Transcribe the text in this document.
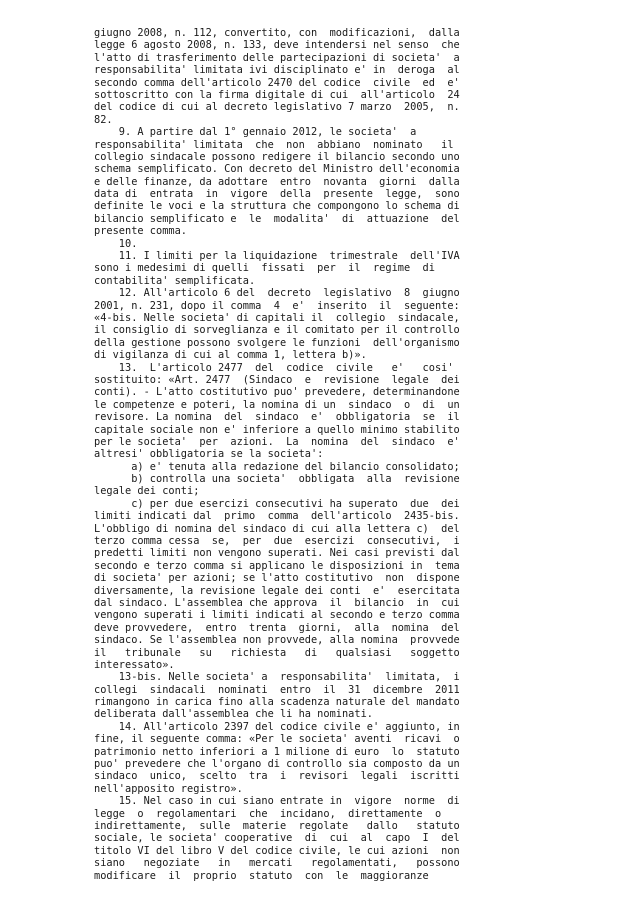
giugno 2008, n. 112, convertito, con  modificazioni,  dalla
legge 6 agosto 2008, n. 133, deve intendersi nel senso  che
l'atto di trasferimento delle partecipazioni di societa'  a
responsabilita' limitata ivi disciplinato e' in  deroga  al
secondo comma dell'articolo 2470 del codice  civile  ed  e'
sottoscritto con la firma digitale di cui  all'articolo  24
del codice di cui al decreto legislativo 7 marzo  2005,  n.
82.
9. A partire dal 1° gennaio 2012, le societa'  a
responsabilita' limitata  che  non  abbiano  nominato   il
collegio sindacale possono redigere il bilancio secondo uno
schema semplificato. Con decreto del Ministro dell'economia
e delle finanze, da adottare  entro  novanta  giorni  dalla
data di  entrata  in  vigore  della  presente  legge,  sono
definite le voci e la struttura che compongono lo schema di
bilancio semplificato e  le  modalita'  di  attuazione  del
presente comma.
10.
11. I limiti per la liquidazione  trimestrale  dell'IVA
sono i medesimi di quelli  fissati  per  il  regime  di
contabilita' semplificata.
12. All'articolo 6 del  decreto  legislativo  8  giugno
2001, n. 231, dopo il comma  4  e'  inserito  il  seguente:
«4-bis. Nelle societa' di capitali il  collegio  sindacale,
il consiglio di sorveglianza e il comitato per il controllo
della gestione possono svolgere le funzioni  dell'organismo
di vigilanza di cui al comma 1, lettera b)».
13.  L'articolo 2477  del  codice  civile   e'   cosi'
sostituito: «Art. 2477  (Sindaco  e  revisione  legale  dei
conti). - L'atto costitutivo puo' prevedere, determinandone
le competenze e poteri, la nomina di un  sindaco  o  di  un
revisore. La nomina  del  sindaco  e'  obbligatoria  se  il
capitale sociale non e' inferiore a quello minimo stabilito
per le societa'  per  azioni.  La  nomina  del  sindaco  e'
altresi' obbligatoria se la societa':
a) e' tenuta alla redazione del bilancio consolidato;
b) controlla una societa'  obbligata  alla  revisione
legale dei conti;
c) per due esercizi consecutivi ha superato  due  dei
limiti indicati dal  primo  comma  dell'articolo  2435-bis.
L'obbligo di nomina del sindaco di cui alla lettera c)  del
terzo comma cessa  se,  per  due  esercizi  consecutivi,  i
predetti limiti non vengono superati. Nei casi previsti dal
secondo e terzo comma si applicano le disposizioni in  tema
di societa' per azioni; se l'atto costitutivo  non  dispone
diversamente, la revisione legale dei conti  e'  esercitata
dal sindaco. L'assemblea che approva  il  bilancio  in  cui
vengono superati i limiti indicati al secondo e terzo comma
deve provvedere,  entro  trenta  giorni,  alla  nomina  del
sindaco. Se l'assemblea non provvede, alla nomina  provvede
il   tribunale   su   richiesta   di   qualsiasi   soggetto
interessato».
13-bis. Nelle societa' a  responsabilita'  limitata,  i
collegi  sindacali  nominati  entro  il  31  dicembre  2011
rimangono in carica fino alla scadenza naturale del mandato
deliberata dall'assemblea che li ha nominati.
14. All'articolo 2397 del codice civile e' aggiunto, in
fine, il seguente comma: «Per le societa' aventi  ricavi  o
patrimonio netto inferiori a 1 milione di euro  lo  statuto
puo' prevedere che l'organo di controllo sia composto da un
sindaco  unico,  scelto  tra  i  revisori  legali  iscritti
nell'apposito registro».
15. Nel caso in cui siano entrate in  vigore  norme  di
legge  o  regolamentari  che  incidano,  direttamente  o
indirettamente,  sulle  materie  regolate   dallo   statuto
sociale, le societa' cooperative  di  cui  al  capo  I  del
titolo VI del libro V del codice civile, le cui azioni  non
siano   negoziate   in   mercati   regolamentati,   possono
modificare  il  proprio  statuto  con  le  maggioranze
